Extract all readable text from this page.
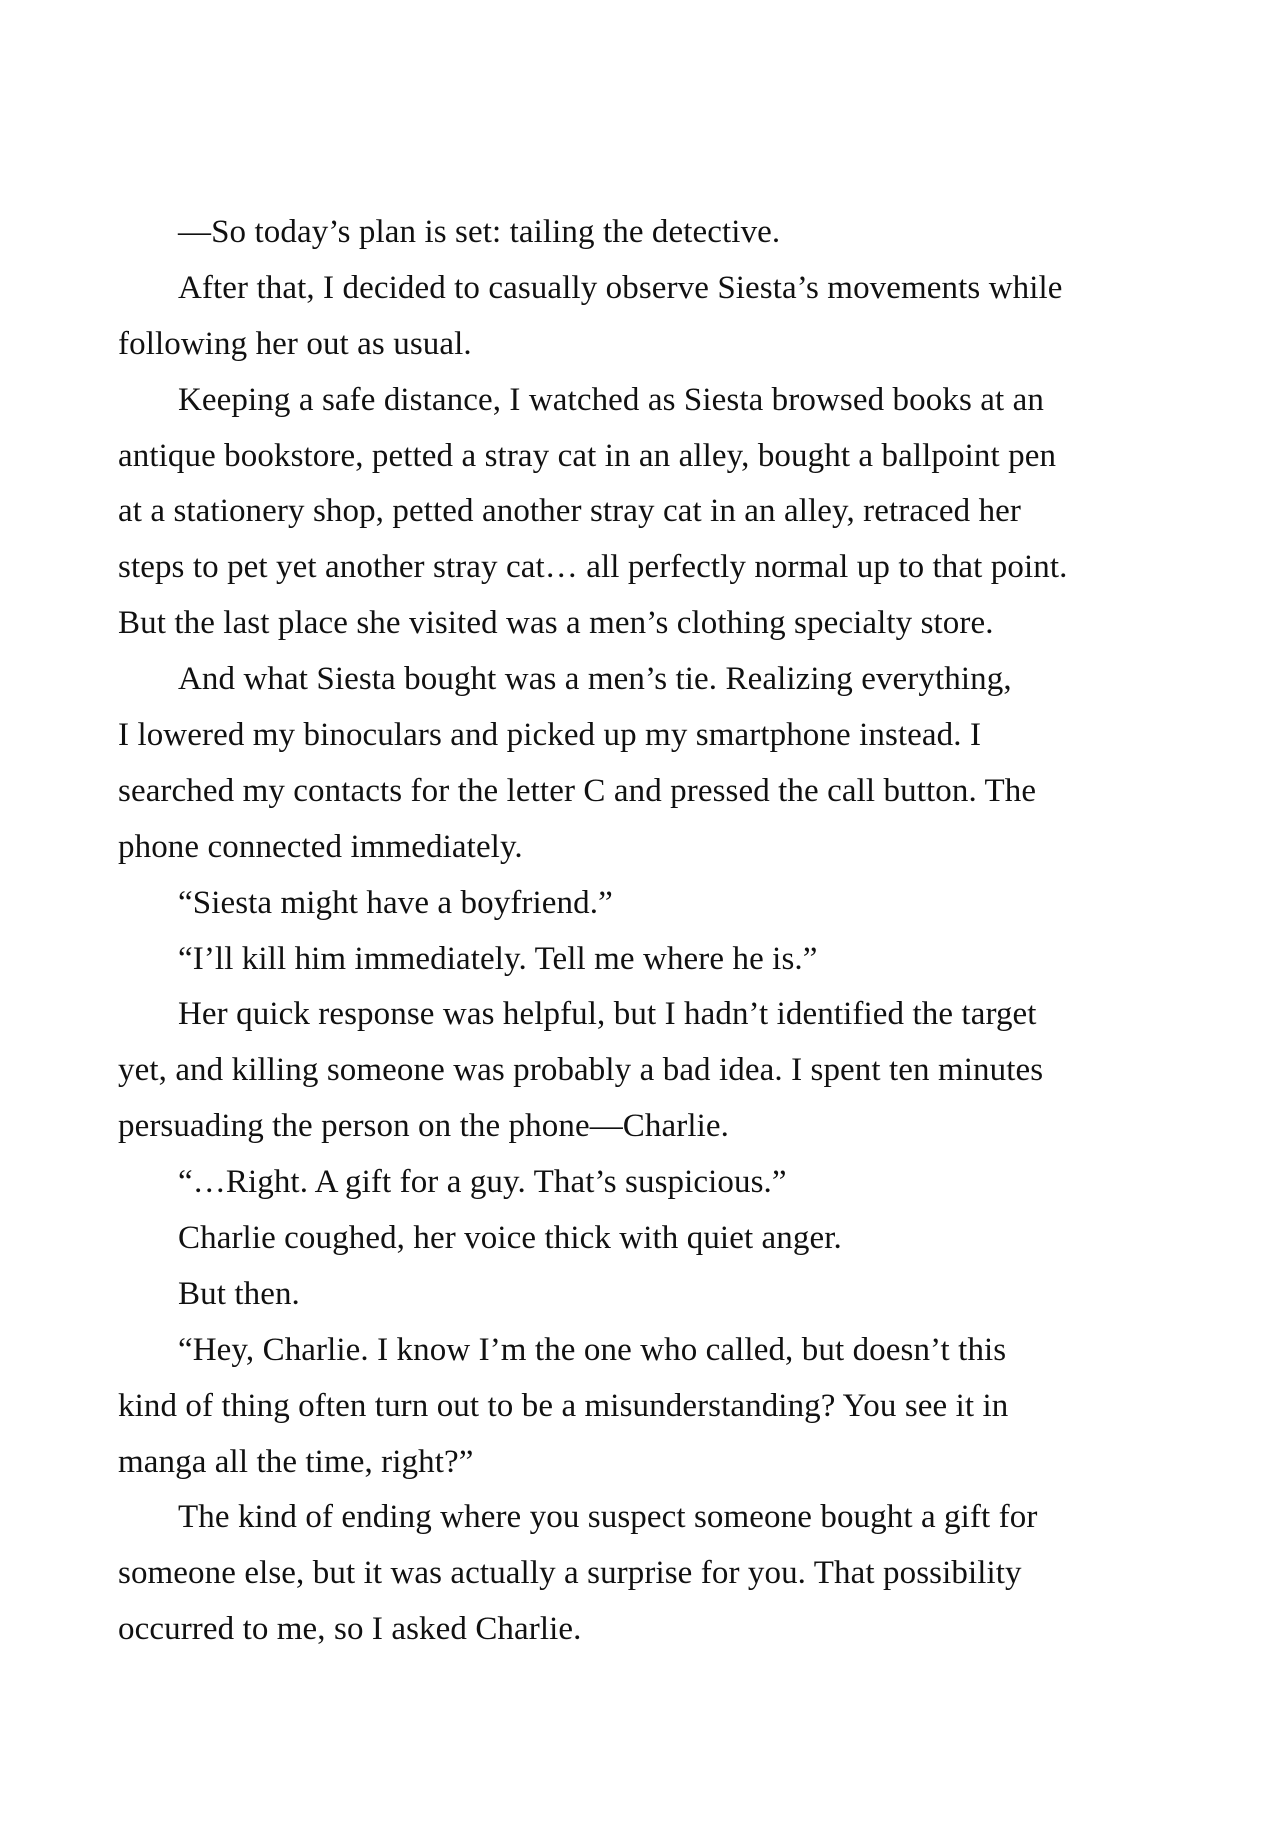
—So today’s plan is set: tailing the detective.
After that, I decided to casually observe Siesta’s movements while
following her out as usual.
Keeping a safe distance, I watched as Siesta browsed books at an
antique bookstore, petted a stray cat in an alley, bought a ballpoint pen
at a stationery shop, petted another stray cat in an alley, retraced her
steps to pet yet another stray cat… all perfectly normal up to that point.
But the last place she visited was a men’s clothing specialty store.
And what Siesta bought was a men’s tie. Realizing everything,
I lowered my binoculars and picked up my smartphone instead. I
searched my contacts for the letter C and pressed the call button. The
phone connected immediately.
“Siesta might have a boyfriend.”
“I’ll kill him immediately. Tell me where he is.”
Her quick response was helpful, but I hadn’t identified the target
yet, and killing someone was probably a bad idea. I spent ten minutes
persuading the person on the phone—Charlie.
“…Right. A gift for a guy. That’s suspicious.”
Charlie coughed, her voice thick with quiet anger.
But then.
“Hey, Charlie. I know I’m the one who called, but doesn’t this
kind of thing often turn out to be a misunderstanding? You see it in
manga all the time, right?”
The kind of ending where you suspect someone bought a gift for
someone else, but it was actually a surprise for you. That possibility
occurred to me, so I asked Charlie.
